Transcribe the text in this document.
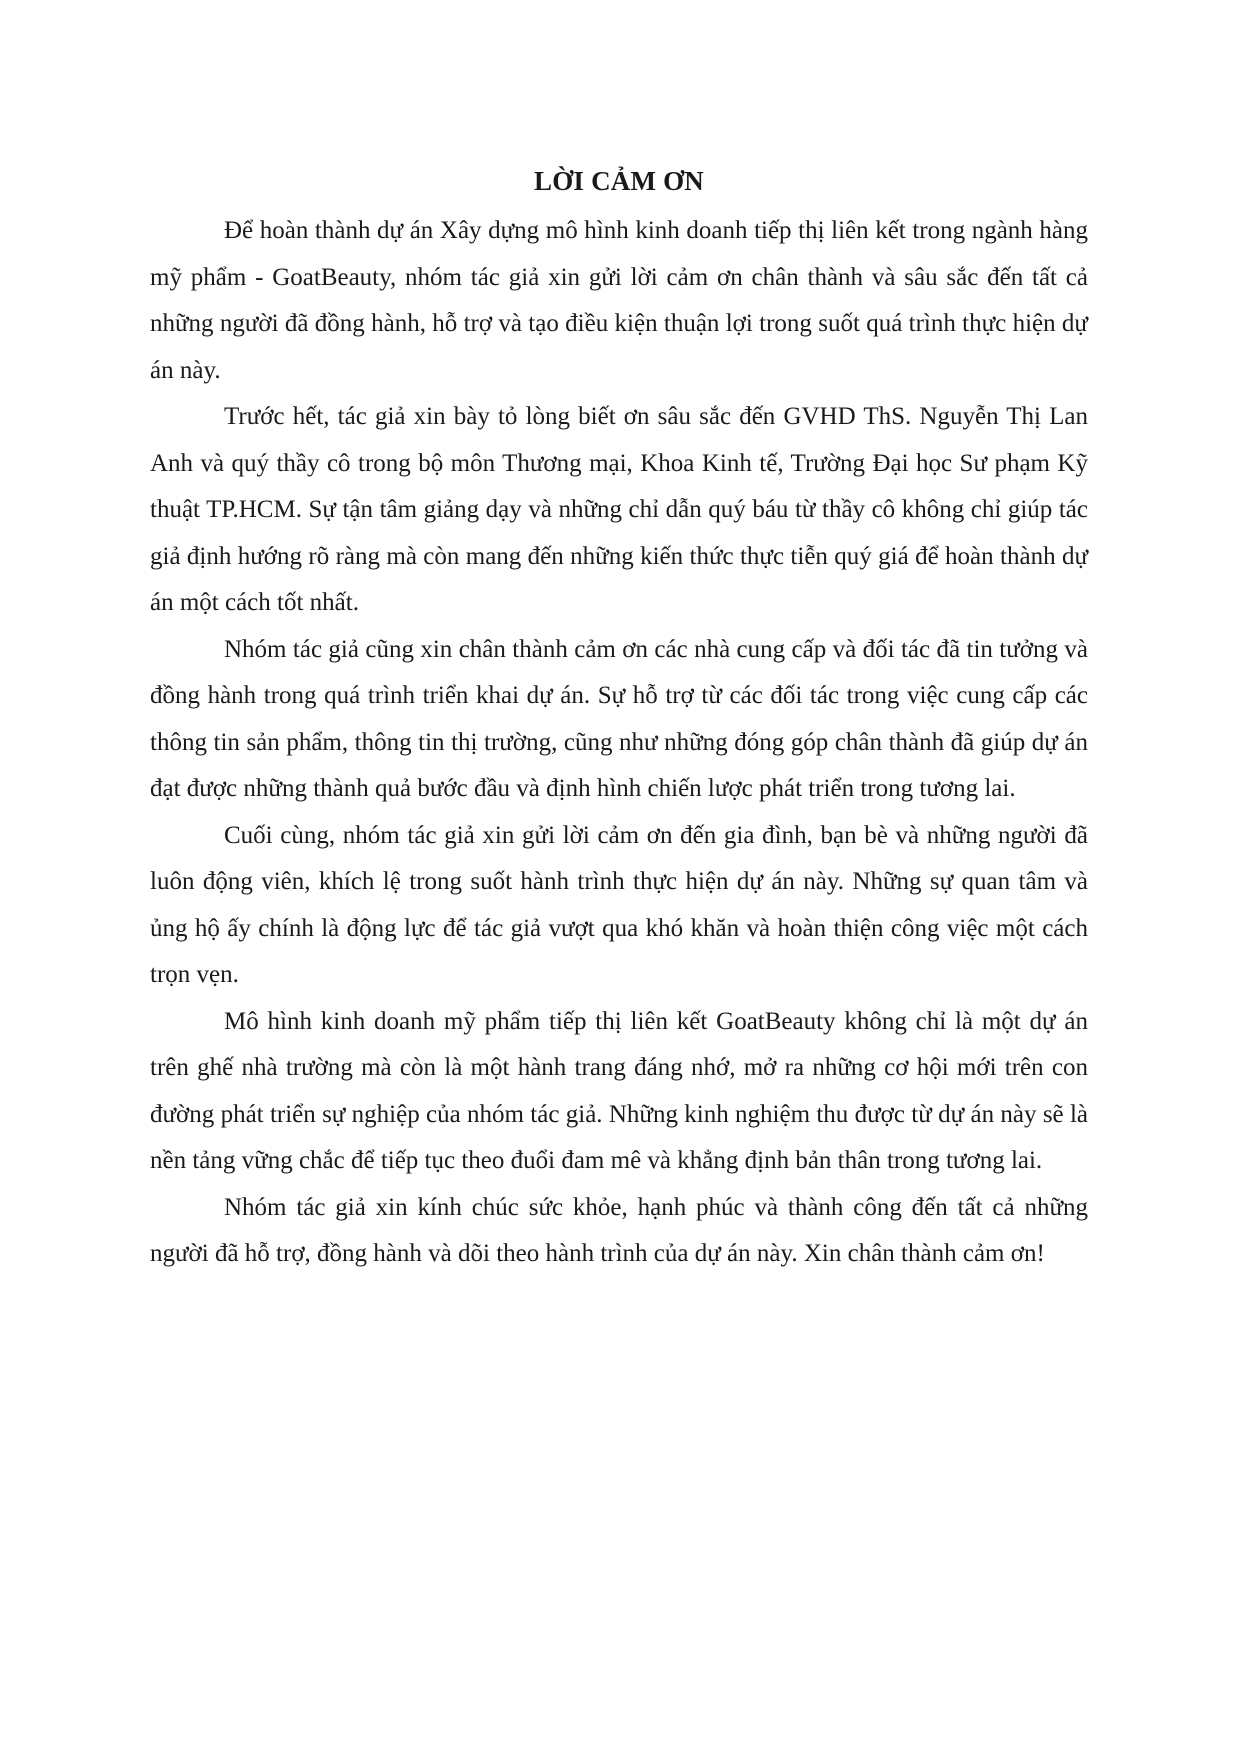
LỜI CẢM ƠN

Để hoàn thành dự án Xây dựng mô hình kinh doanh tiếp thị liên kết trong ngành hàng mỹ phẩm - GoatBeauty, nhóm tác giả xin gửi lời cảm ơn chân thành và sâu sắc đến tất cả những người đã đồng hành, hỗ trợ và tạo điều kiện thuận lợi trong suốt quá trình thực hiện dự án này.

Trước hết, tác giả xin bày tỏ lòng biết ơn sâu sắc đến GVHD ThS. Nguyễn Thị Lan Anh và quý thầy cô trong bộ môn Thương mại, Khoa Kinh tế, Trường Đại học Sư phạm Kỹ thuật TP.HCM. Sự tận tâm giảng dạy và những chỉ dẫn quý báu từ thầy cô không chỉ giúp tác giả định hướng rõ ràng mà còn mang đến những kiến thức thực tiễn quý giá để hoàn thành dự án một cách tốt nhất.

Nhóm tác giả cũng xin chân thành cảm ơn các nhà cung cấp và đối tác đã tin tưởng và đồng hành trong quá trình triển khai dự án. Sự hỗ trợ từ các đối tác trong việc cung cấp các thông tin sản phẩm, thông tin thị trường, cũng như những đóng góp chân thành đã giúp dự án đạt được những thành quả bước đầu và định hình chiến lược phát triển trong tương lai.

Cuối cùng, nhóm tác giả xin gửi lời cảm ơn đến gia đình, bạn bè và những người đã luôn động viên, khích lệ trong suốt hành trình thực hiện dự án này. Những sự quan tâm và ủng hộ ấy chính là động lực để tác giả vượt qua khó khăn và hoàn thiện công việc một cách trọn vẹn.

Mô hình kinh doanh mỹ phẩm tiếp thị liên kết GoatBeauty không chỉ là một dự án trên ghế nhà trường mà còn là một hành trang đáng nhớ, mở ra những cơ hội mới trên con đường phát triển sự nghiệp của nhóm tác giả. Những kinh nghiệm thu được từ dự án này sẽ là nền tảng vững chắc để tiếp tục theo đuổi đam mê và khẳng định bản thân trong tương lai.

Nhóm tác giả xin kính chúc sức khỏe, hạnh phúc và thành công đến tất cả những người đã hỗ trợ, đồng hành và dõi theo hành trình của dự án này. Xin chân thành cảm ơn!
